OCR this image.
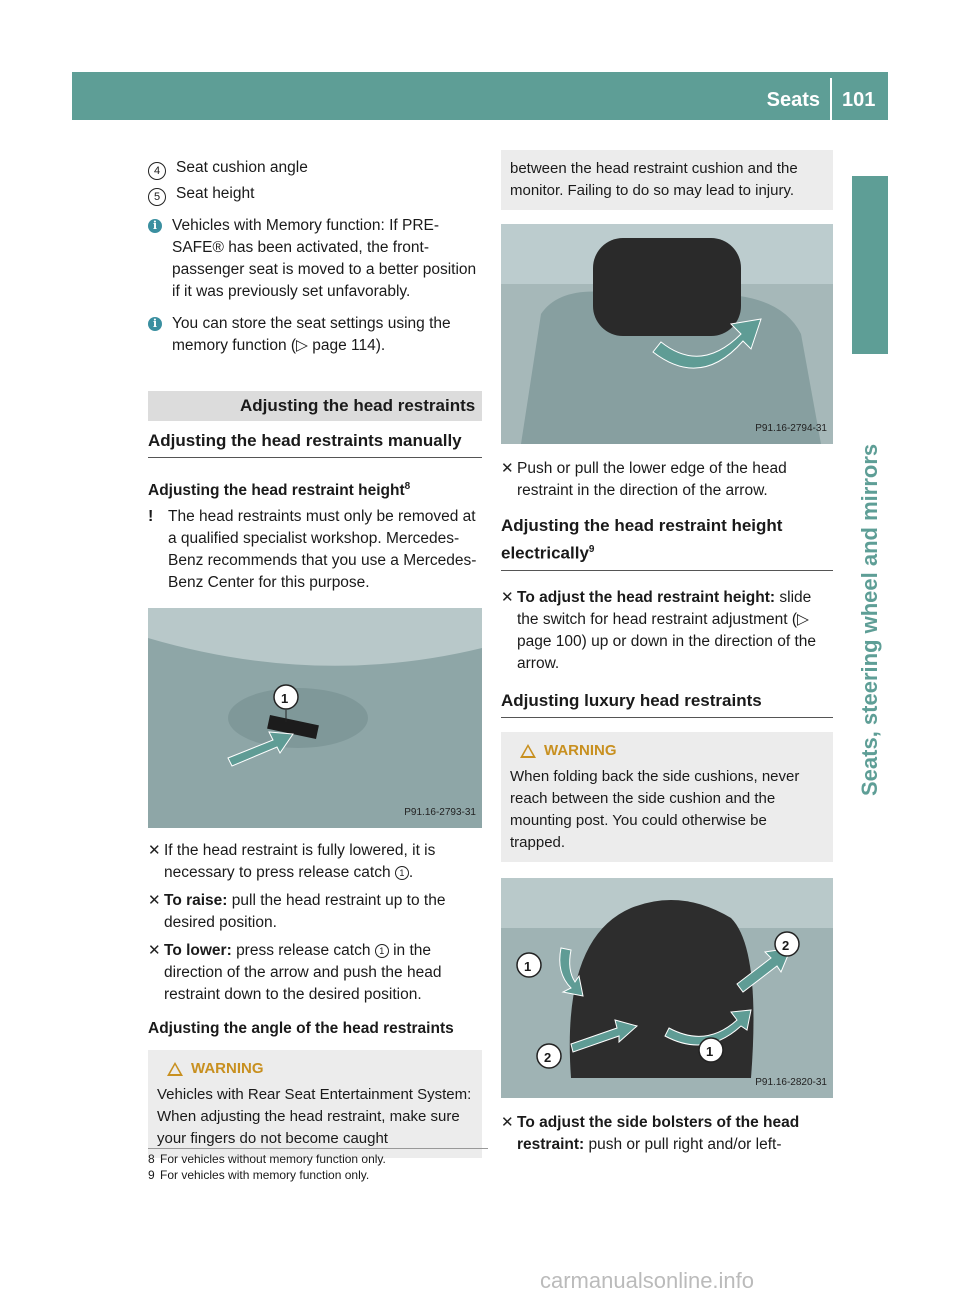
Seats 101
Seats, steering wheel and mirrors
4	Seat cushion angle
5	Seat height
i Vehicles with Memory function: If PRE-SAFE® has been activated, the front-passenger seat is moved to a better position if it was previously set unfavorably.
i You can store the seat settings using the memory function (▷ page 114).
Adjusting the head restraints
Adjusting the head restraints manually
Adjusting the head restraint height$^8$
! The head restraints must only be removed at a qualified specialist workshop. Mercedes-Benz recommends that you use a Mercedes-Benz Center for this purpose.
1
P91.16-2793-31
✕ If the head restraint is fully lowered, it is necessary to press release catch 1 .
✕ To raise: pull the head restraint up to the desired position.
✕ To lower: press release catch 1 in the direction of the arrow and push the head restraint down to the desired position.
Adjusting the angle of the head restraints
WARNING
Vehicles with Rear Seat Entertainment System: When adjusting the head restraint, make sure your fingers do not become caught
between the head restraint cushion and the monitor. Failing to do so may lead to injury.
P91.16-2794-31
✕ Push or pull the lower edge of the head restraint in the direction of the arrow.
Adjusting the head restraint height electrically$^9$
✕ To adjust the head restraint height: slide the switch for head restraint adjustment (▷ page 100) up or down in the direction of the arrow.
Adjusting luxury head restraints
WARNING
When folding back the side cushions, never reach between the side cushion and the mounting post. You could otherwise be trapped.
1
2
2	1
P91.16-2820-31
✕ To adjust the side bolsters of the head restraint: push or pull right and/or left-
8 For vehicles without memory function only.
9 For vehicles with memory function only.
carmanualsonline.info
